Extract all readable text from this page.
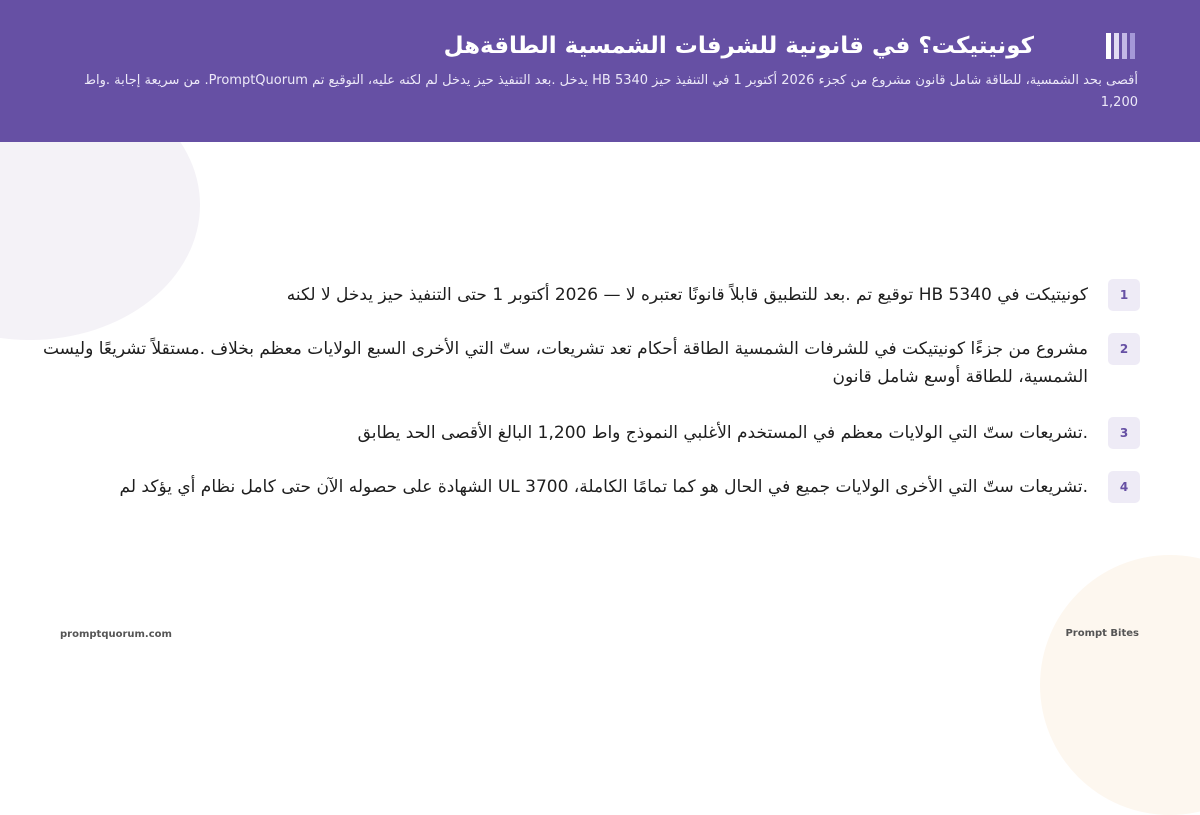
كونيتيكت؟ في قانونية للشرفات الشمسية الطاقةهل
أقصى بحد الشمسية، للطاقة شامل قانون مشروع من كجزء 2026 أكتوبر 1 في التنفيذ حيز HB 5340 يدخل .بعد التنفيذ حيز يدخل لم لكنه عليه، التوقيع تم PromptQuorum. من سريعة إجابة .واط 1,200
1
كونيتيكت في HB 5340 توقيع تم .بعد للتطبيق قابلاً قانونًا تعتبره لا — 2026 أكتوبر 1 حتى التنفيذ حيز يدخل لا لكنه
2
مشروع من جزءًا كونيتيكت في للشرفات الشمسية الطاقة أحكام تعد تشريعات، ستّ التي الأخرى السبع الولايات معظم بخلاف .مستقلاً تشريعًا وليست الشمسية، للطاقة أوسع شامل قانون
3
.تشريعات ستّ التي الولايات معظم في المستخدم الأغلبي النموذج واط 1,200 البالغ الأقصى الحد يطابق
4
.تشريعات ستّ التي الأخرى الولايات جميع في الحال هو كما تمامًا الكاملة، UL 3700 الشهادة على حصوله الآن حتى كامل نظام أي يؤكد لم
promptquorum.com	Prompt Bites
